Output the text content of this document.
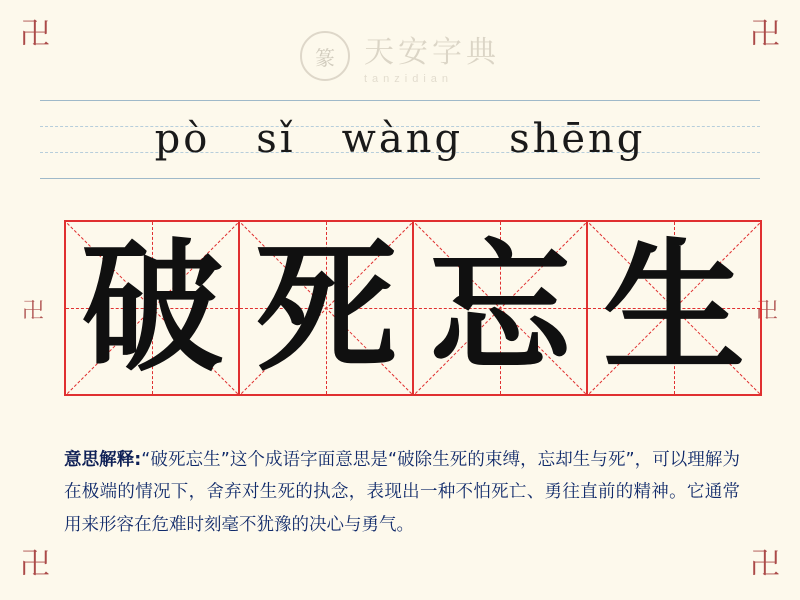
卍	卍
卍	卍
卍	卍
篆 天安字典
tanzidian
pò sǐ wàng shēng
破 死 忘 生
意思解释:“破死忘生”这个成语字面意思是“破除生死的束缚，忘却生与死”，可以理解为在极端的情况下，舍弃对生死的执念，表现出一种不怕死亡、勇往直前的精神。它通常用来形容在危难时刻毫不犹豫的决心与勇气。
